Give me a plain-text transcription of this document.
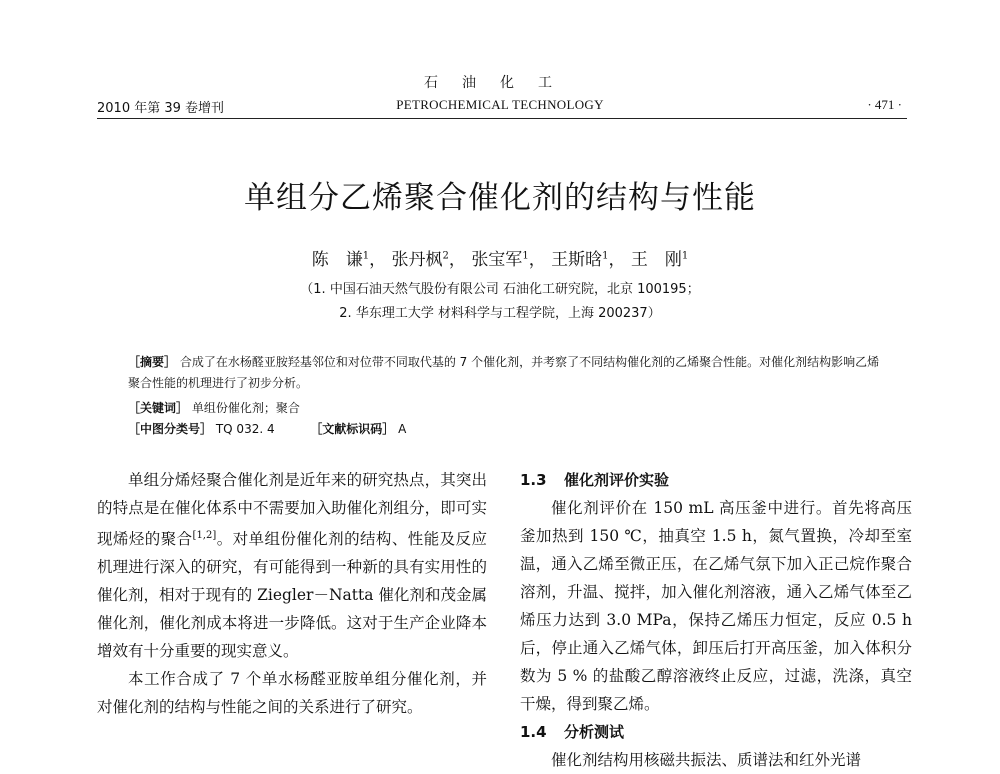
石油化工
2010 年第 39 卷增刊	PETROCHEMICAL TECHNOLOGY	· 471 ·
单组分乙烯聚合催化剂的结构与性能
陈　谦$^1$， 张丹枫$^2$， 张宝军$^1$， 王斯晗$^1$， 王　刚$^1$
（1. 中国石油天然气股份有限公司 石油化工研究院，北京 100195；
2. 华东理工大学 材料科学与工程学院，上海 200237）
［摘要］ 合成了在水杨醛亚胺羟基邻位和对位带不同取代基的 7 个催化剂，并考察了不同结构催化剂的乙烯聚合性能。对催化剂结构影响乙烯聚合性能的机理进行了初步分析。
［关键词］ 单组份催化剂；聚合
［中图分类号］ TQ 032. 4	［文献标识码］ A

单组分烯烃聚合催化剂是近年来的研究热点，其突出的特点是在催化体系中不需要加入助催化剂组分，即可实现烯烃的聚合[1,2]。对单组份催化剂的结构、性能及反应机理进行深入的研究，有可能得到一种新的具有实用性的催化剂，相对于现有的 Ziegler－Natta 催化剂和茂金属催化剂，催化剂成本将进一步降低。这对于生产企业降本增效有十分重要的现实意义。

本工作合成了 7 个单水杨醛亚胺单组分催化剂，并对催化剂的结构与性能之间的关系进行了研究。

1.3 催化剂评价实验

催化剂评价在 150 mL 高压釜中进行。首先将高压釜加热到 150 ℃，抽真空 1.5 h，氮气置换，冷却至室温，通入乙烯至微正压，在乙烯气氛下加入正己烷作聚合溶剂，升温、搅拌，加入催化剂溶液，通入乙烯气体至乙烯压力达到 3.0 MPa，保持乙烯压力恒定，反应 0.5 h 后，停止通入乙烯气体，卸压后打开高压釜，加入体积分数为 5 % 的盐酸乙醇溶液终止反应，过滤，洗涤，真空干燥，得到聚乙烯。

1.4 分析测试

催化剂结构用核磁共振法、质谱法和红外光谱
